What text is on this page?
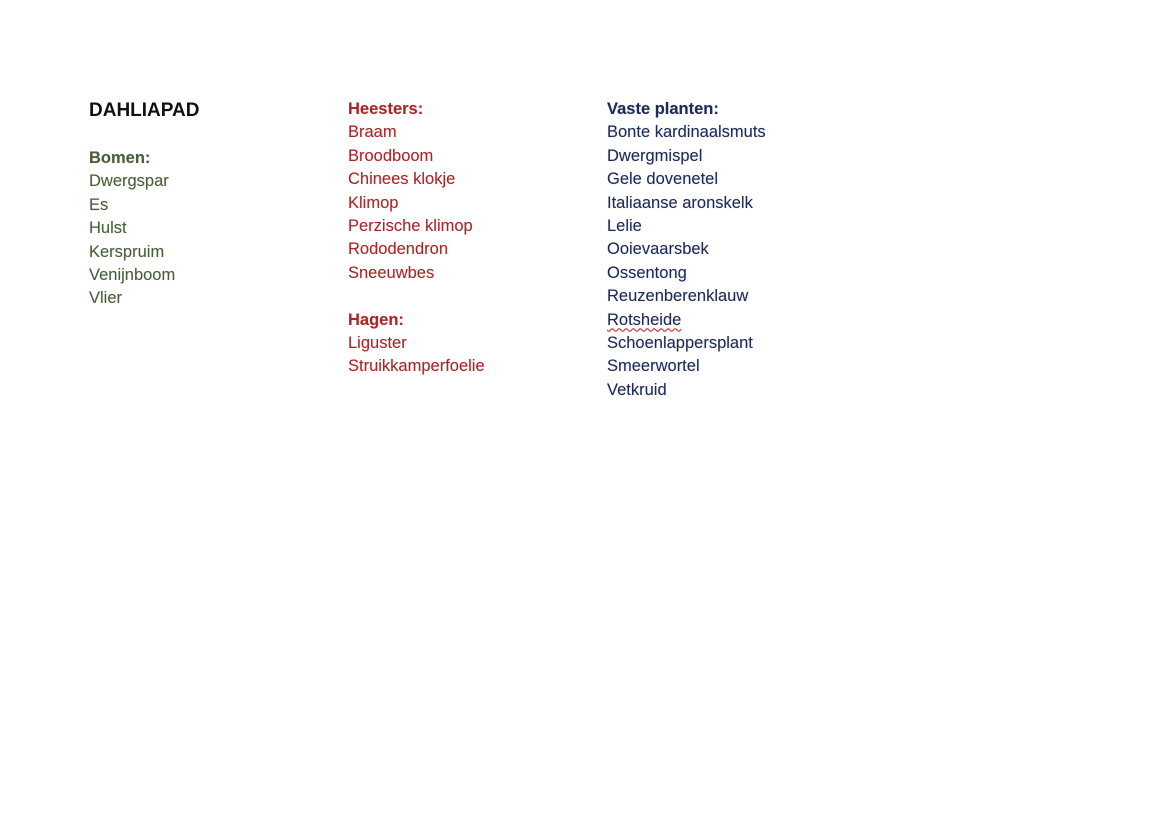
DAHLIAPAD
Bomen:
Dwergspar
Es
Hulst
Kerspruim
Venijnboom
Vlier
Heesters:
Braam
Broodboom
Chinees klokje
Klimop
Perzische klimop
Rododendron
Sneeuwbes
Hagen:
Liguster
Struikkamperfoelie
Vaste planten:
Bonte kardinaalsmuts
Dwergmispel
Gele dovenetel
Italiaanse aronskelk
Lelie
Ooievaarsbek
Ossentong
Reuzenberenklauw
Rotsheide
Schoenlappersplant
Smeerwortel
Vetkruid
